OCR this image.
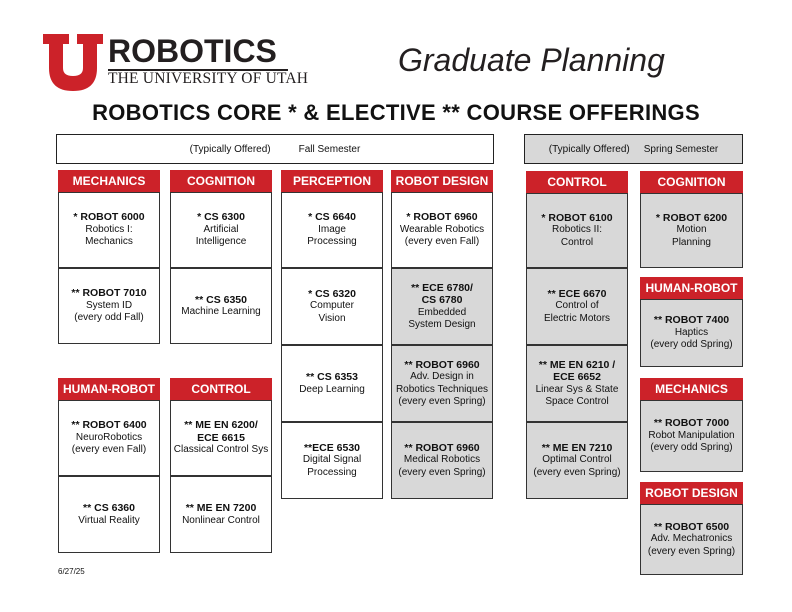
ROBOTICS
THE UNIVERSITY OF UTAH
Graduate Planning
ROBOTICS CORE * & ELECTIVE ** COURSE OFFERINGS
(Typically Offered)	Fall Semester	(Typically Offered) Spring Semester
MECHANICS
* ROBOT 6000
Robotics I:
Mechanics
** ROBOT 7010
System ID
(every odd Fall)
COGNITION
* CS 6300
Artificial
Intelligence
** CS 6350
Machine Learning
PERCEPTION
* CS 6640
Image
Processing
* CS 6320
Computer
Vision
** CS 6353
Deep Learning
**ECE 6530
Digital Signal
Processing
ROBOT DESIGN
* ROBOT 6960
Wearable Robotics
(every even Fall)
** ECE 6780/
CS 6780
Embedded
System Design
** ROBOT 6960
Adv. Design in
Robotics Techniques
(every even Spring)
** ROBOT 6960
Medical Robotics
(every even Spring)
HUMAN-ROBOT
** ROBOT 6400
NeuroRobotics
(every even Fall)
** CS 6360
Virtual Reality
CONTROL
** ME EN 6200/
ECE 6615
Classical Control Sys
** ME EN 7200
Nonlinear Control
CONTROL
* ROBOT 6100
Robotics II:
Control
** ECE 6670
Control of
Electric Motors
** ME EN 6210 /
ECE 6652
Linear Sys & State
Space Control
** ME EN 7210
Optimal Control
(every even Spring)
COGNITION
* ROBOT 6200
Motion
Planning
HUMAN-ROBOT
** ROBOT 7400
Haptics
(every odd Spring)
MECHANICS
** ROBOT 7000
Robot Manipulation
(every odd Spring)
ROBOT DESIGN
** ROBOT 6500
Adv. Mechatronics
(every even Spring)
6/27/25
